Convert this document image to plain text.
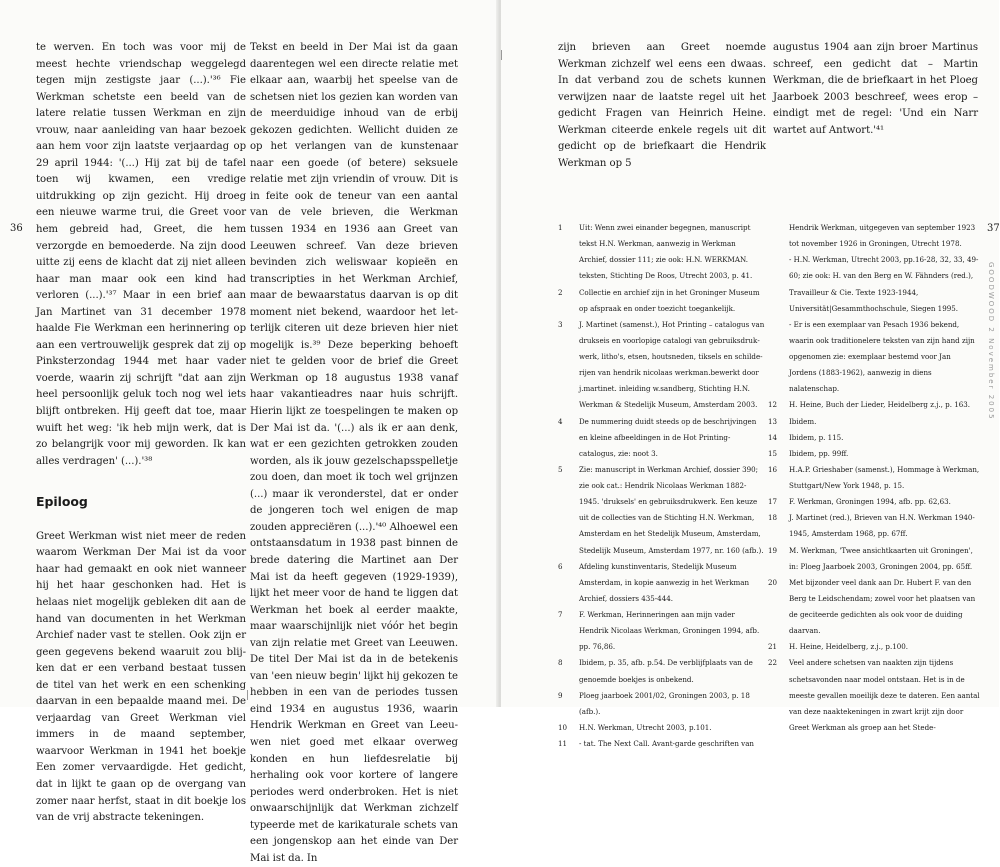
36

te werven. En toch was voor mij de meest hechte vriendschap weggelegd tegen mijn zestigste jaar (...).'³⁶ Fie Werkman schetste een beeld van de latere relatie tussen Werkman en zijn vrouw, naar aanleiding van haar bezoek aan hem voor zijn laatste verjaardag op 29 april 1944: '(...) Hij zat bij de tafel toen wij kwamen, een vredige uitdrukking op zijn gezicht. Hij droeg een nieuwe warme trui, die Greet voor hem gebreid had, Greet, die hem verzorgde en bemoederde. Na zijn dood uitte zij eens de klacht dat zij niet alleen haar man maar ook een kind had verloren (...).'³⁷ Maar in een brief aan Jan Martinet van 31 december 1978 haalde Fie Werkman een herinnering op aan een vertrouwelijk gesprek dat zij op Pinksterzondag 1944 met haar vader voerde, waarin zij schrijft "dat aan zijn heel persoonlijk geluk toch nog wel iets blijft ontbreken. Hij geeft dat toe, maar wuift het weg: 'ik heb mijn werk, dat is zo belangrijk voor mij geworden. Ik kan alles verdragen' (...).'³⁸

Epiloog

Greet Werkman wist niet meer de reden waarom Werkman Der Mai ist da voor haar had gemaakt en ook niet wanneer hij het haar geschonken had. Het is helaas niet mogelijk gebleken dit aan de hand van documenten in het Werkman Archief nader vast te stellen. Ook zijn er geen gegevens bekend waaruit zou blijken dat er een verband bestaat tussen de titel van het werk en een schenking daarvan in een bepaalde maand mei. De verjaardag van Greet Werkman viel immers in de maand september, waarvoor Werkman in 1941 het boekje Een zomer vervaardigde. Het gedicht, dat in lijkt te gaan op de overgang van zomer naar herfst, staat in dit boekje los van de vrij abstracte tekeningen.

Tekst en beeld in Der Mai ist da gaan daarentegen wel een directe relatie met elkaar aan, waarbij het speelse van de schetsen niet los gezien kan worden van de meerduidige inhoud van de erbij gekozen gedichten. Wellicht duiden ze op het verlangen van de kunstenaar naar een goede (of betere) seksuele relatie met zijn vriendin of vrouw. Dit is in feite ook de teneur van een aantal van de vele brieven, die Werkman tussen 1934 en 1936 aan Greet van Leeuwen schreef. Van deze brieven bevinden zich weliswaar kopieën en transcripties in het Werkman Archief, maar de bewaarstatus daarvan is op dit moment niet bekend, waardoor het letterlijk citeren uit deze brieven hier niet mogelijk is.³⁹ Deze beperking behoeft niet te gelden voor de brief die Greet Werkman op 18 augustus 1938 vanaf haar vakantieadres naar huis schrijft. Hierin lijkt ze toespelingen te maken op Der Mai ist da. '(...) als ik er aan denk, wat er een gezichten getrokken zouden worden, als ik jouw gezelschapsspelletje zou doen, dan moet ik toch wel grijnzen (...) maar ik veronderstel, dat er onder de jongeren toch wel enigen de map zouden appreciëren (...).'⁴⁰ Alhoewel een ontstaansdatum in 1938 past binnen de brede datering die Martinet aan Der Mai ist da heeft gegeven (1929-1939), lijkt het meer voor de hand te liggen dat Werkman het boek al eerder maakte, maar waarschijnlijk niet vóór het begin van zijn relatie met Greet van Leeuwen. De titel Der Mai ist da in de betekenis van 'een nieuw begin' lijkt hij gekozen te hebben in een van de periodes tussen eind 1934 en augustus 1936, waarin Hendrik Werkman en Greet van Leeuwen niet goed met elkaar overweg konden en hun liefdesrelatie bij herhaling ook voor kortere of langere periodes werd onderbroken. Het is niet onwaarschijnlijk dat Werkman zichzelf typeerde met de karikaturale schets van een jongenskop aan het einde van Der Mai ist da. In

zijn brieven aan Greet noemde Werkman zichzelf wel eens een dwaas. In dat verband zou de schets kunnen verwijzen naar de laatste regel uit het gedicht Fragen van Heinrich Heine. Werkman citeerde enkele regels uit dit gedicht op de briefkaart die Hendrik Werkman op 5

augustus 1904 aan zijn broer Martinus schreef, een gedicht dat – Martin Werkman, die de briefkaart in het Ploeg Jaarboek 2003 beschreef, wees erop – eindigt met de regel: 'Und ein Narr wartet auf Antwort.'⁴¹

37
1	Uit: Wenn zwei einander begegnen, manuscript tekst H.N. Werkman, aanwezig in Werkman Archief, dossier 111; zie ook: H.N. WERKMAN. teksten, Stichting De Roos, Utrecht 2003, p. 41.
2	Collectie en archief zijn in het Groninger Museum op afspraak en onder toezicht toegankelijk.
3	J. Martinet (samenst.), Hot Printing – catalogus van drukseis en voorlopige catalogi van gebruiksdrukwerk, litho's, etsen, houtsneden, tiksels en schilderijen van hendrik nicolaas werkman.bewerkt door j.martinet. inleiding w.sandberg, Stichting H.N. Werkman & Stedelijk Museum, Amsterdam 2003.
4	De nummering duidt steeds op de beschrijvingen en kleine afbeeldingen in de Hot Printing-catalogus, zie: noot 3.
5	Zie: manuscript in Werkman Archief, dossier 390; zie ook cat.: Hendrik Nicolaas Werkman 1882-1945. 'druksels' en gebruiksdrukwerk. Een keuze uit de collecties van de Stichting H.N. Werkman, Amsterdam en het Stedelijk Museum, Amsterdam, Stedelijk Museum, Amsterdam 1977, nr. 160 (afb.).
6	Afdeling kunstinventaris, Stedelijk Museum Amsterdam, in kopie aanwezig in het Werkman Archief, dossiers 435-444.
7	F. Werkman, Herinneringen aan mijn vader Hendrik Nicolaas Werkman, Groningen 1994, afb. pp. 76,86.
8	Ibidem, p. 35, afb. p.54. De verblijfplaats van de genoemde boekjes is onbekend.
9	Ploeg jaarboek 2001/02, Groningen 2003, p. 18 (afb.).
10	H.N. Werkman, Utrecht 2003, p.101.
11	- tat. The Next Call. Avant-garde geschriften van
Hendrik Werkman, uitgegeven van september 1923 tot november 1926 in Groningen, Utrecht 1978.
- H.N. Werkman, Utrecht 2003, pp.16-28, 32, 33, 49-60; zie ook: H. van den Berg en W. Fähnders (red.), Travailleur & Cie. Texte 1923-1944, Universität|Gesammthochschule, Siegen 1995.
- Er is een exemplaar van Pesach 1936 bekend, waarin ook traditionelere teksten van zijn hand zijn opgenomen zie: exemplaar bestemd voor Jan Jordens (1883-1962), aanwezig in diens nalatenschap.
12	H. Heine, Buch der Lieder, Heidelberg z.j., p. 163.
13	Ibidem.
14	Ibidem, p. 115.
15	Ibidem, pp. 99ff.
16	H.A.P. Grieshaber (samenst.), Hommage à Werkman, Stuttgart/New York 1948, p. 15.
17	F. Werkman, Groningen 1994, afb. pp. 62,63.
18	J. Martinet (red.), Brieven van H.N. Werkman 1940-1945, Amsterdam 1968, pp. 67ff.
19	M. Werkman, 'Twee ansichtkaarten uit Groningen', in: Ploeg Jaarboek 2003, Groningen 2004, pp. 65ff.
20	Met bijzonder veel dank aan Dr. Hubert F. van den Berg te Leidschendam; zowel voor het plaatsen van de geciteerde gedichten als ook voor de duiding daarvan.
21	H. Heine, Heidelberg, z.j., p.100.
22	Veel andere schetsen van naakten zijn tijdens schetsavonden naar model ontstaan. Het is in de meeste gevallen moeilijk deze te dateren. Een aantal van deze naaktekeningen in zwart krijt zijn door Greet Werkman als groep aan het Stede-
GOODWOOD 2 November 2005
